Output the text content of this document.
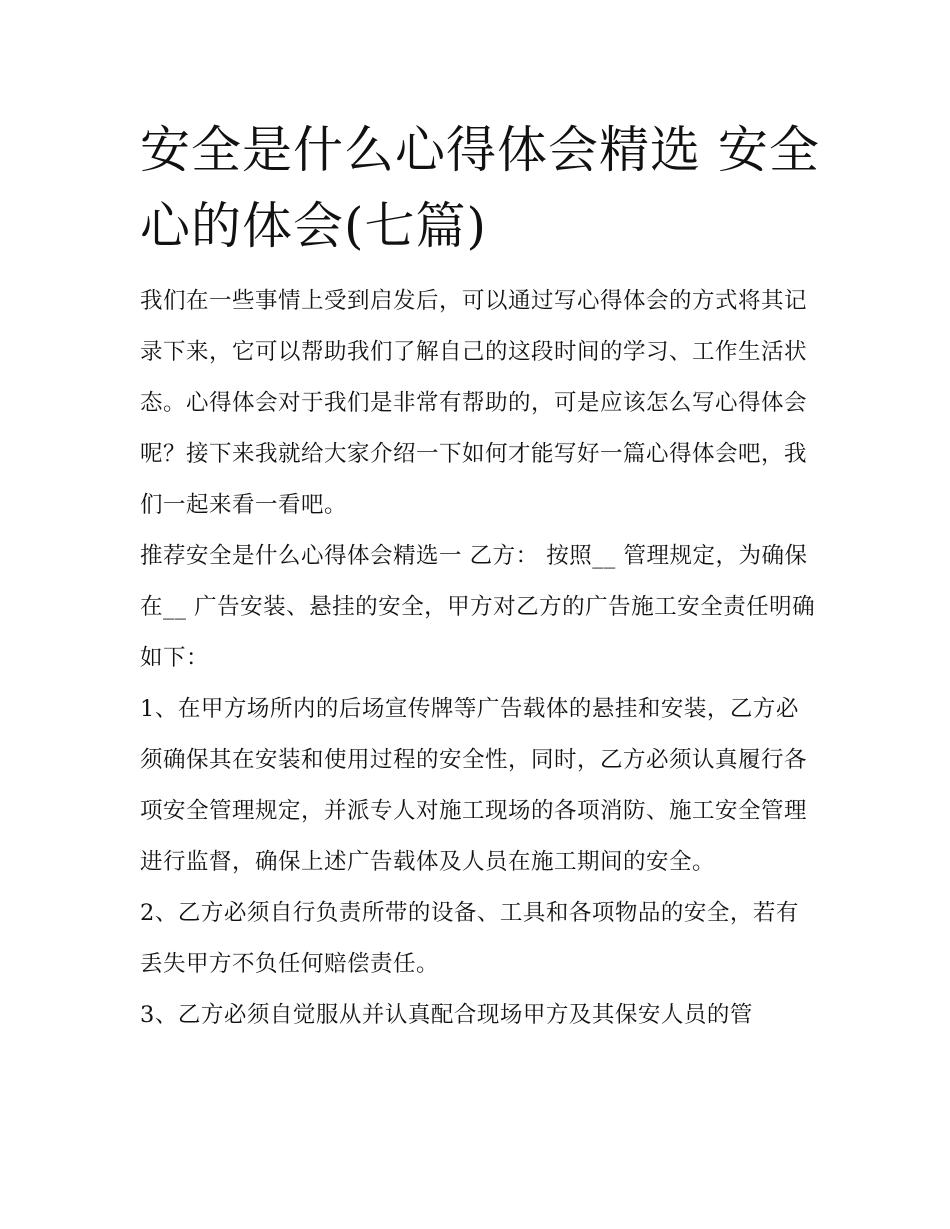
安全是什么心得体会精选 安全心的体会(七篇)

我们在一些事情上受到启发后，可以通过写心得体会的方式将其记录下来，它可以帮助我们了解自己的这段时间的学习、工作生活状态。心得体会对于我们是非常有帮助的，可是应该怎么写心得体会呢？接下来我就给大家介绍一下如何才能写好一篇心得体会吧，我们一起来看一看吧。

推荐安全是什么心得体会精选一 乙方： 按照__ 管理规定，为确保在__ 广告安装、悬挂的安全，甲方对乙方的广告施工安全责任明确如下：

1、在甲方场所内的后场宣传牌等广告载体的悬挂和安装，乙方必须确保其在安装和使用过程的安全性，同时，乙方必须认真履行各项安全管理规定，并派专人对施工现场的各项消防、施工安全管理进行监督，确保上述广告载体及人员在施工期间的安全。

2、乙方必须自行负责所带的设备、工具和各项物品的安全，若有丢失甲方不负任何赔偿责任。

3、乙方必须自觉服从并认真配合现场甲方及其保安人员的管
